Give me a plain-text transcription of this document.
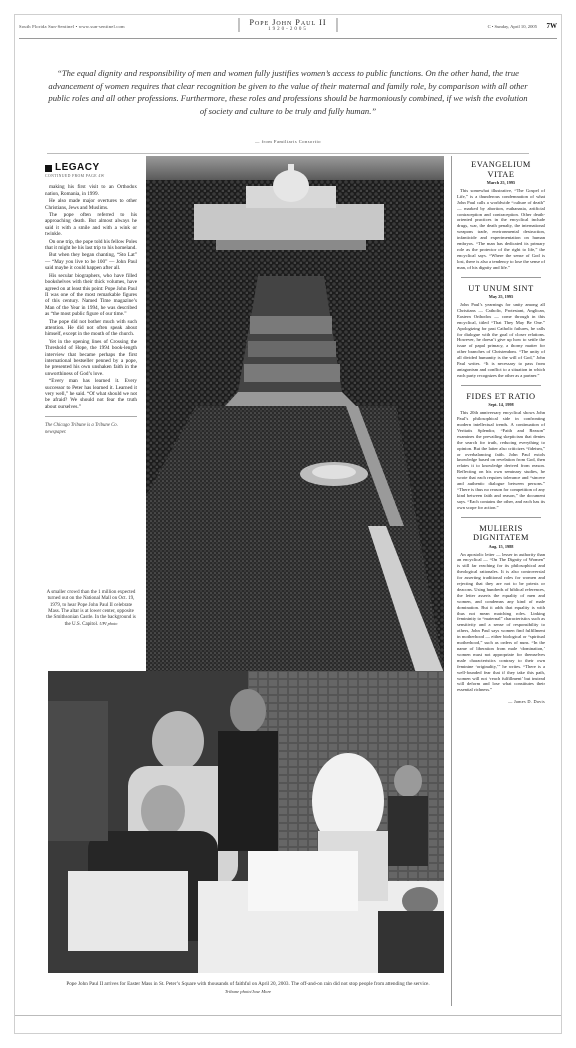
South Florida Sun-Sentinel • www.sun-sentinel.com	Pope John Paul II
1920-2005
C • Sunday, April 10, 2005 7W
“The equal dignity and responsibility of men and women fully justifies women’s access to public functions. On the other hand, the true advancement of women requires that clear recognition be given to the value of their maternal and family role, by comparison with all other public roles and all other professions. Furthermore, these roles and professions should be harmoniously combined, if we wish the evolution of society and culture to be truly and fully human.”
— from Familiaris Consortio
LEGACY
CONTINUED FROM PAGE 4W

making his first visit to an Orthodox nation, Romania, in 1999.

He also made major overtures to other Christians, Jews and Muslims.

The pope often referred to his approaching death. But almost always he said it with a smile and with a wink or twinkle.

On one trip, the pope told his fellow Poles that it might be his last trip to his homeland.

But when they began chanting, “Sto Lat” — “May you live to be 100” — John Paul said maybe it could happen after all.

His secular biographers, who have filled bookshelves with their thick volumes, have agreed on at least this point: Pope John Paul II was one of the most remarkable figures of this century. Named Time magazine’s Man of the Year in 1994, he was described as “the most public figure of our time.”

The pope did not bother much with such attention. He did not often speak about himself, except in the mouth of the church.

Yet in the opening lines of Crossing the Threshold of Hope, the 1994 book-length interview that became perhaps the first international bestseller penned by a pope, he presented his own unshaken faith in the unworthiness of God’s love.

“Every man has learned it. Every successor to Peter has learned it. Learned it very well,” he said. “Of what should we not be afraid? We should not fear the truth about ourselves.”

The Chicago Tribune is a Tribune Co. newspaper.
A smaller crowd than the 1 million expected turned out on the National Mall on Oct. 19, 1979, to hear Pope John Paul II celebrate Mass. The altar is at lower center, opposite the Smithsonian Castle. In the background is the U.S. Capitol. UPI photo
Pope John Paul II arrives for Easter Mass in St. Peter’s Square with thousands of faithful on April 20, 2003. The off-and-on rain did not stop people from attending the service. Tribune photo/Jose More
EVANGELIUM VITAE
March 25, 1995

This somewhat illustrative, “The Gospel of Life,” is a thunderous condemnation of what John Paul calls a worldwide “culture of death” — marked by abortion, euthanasia, artificial contraception and contraception. Other death-oriented practices in the encyclical include drugs, war, the death penalty, the international weapons trade, environmental destruction, infanticide and experimentation on human embryos. “The man has dedicated its primary role as the protector of the right to life,” the encyclical says. “Where the sense of God is lost, there is also a tendency to lose the sense of man, of his dignity and life.”

UT UNUM SINT
May 25, 1995

John Paul’s yearnings for unity among all Christians — Catholic, Protestant, Anglican, Eastern Orthodox — come through in this encyclical, titled “That They May Be One.” Apologizing for past Catholic failures, he calls for dialogue with the goal of closer relations. However, he doesn’t give up how to settle the issue of papal primacy, a thorny matter for other branches of Christendom. “The unity of all divided humanity is the will of God,” John Paul writes. “It is necessary to pass from antagonism and conflict to a situation in which each party recognizes the other as a partner.”

FIDES ET RATIO
Sept. 14, 1998

This 20th anniversary encyclical shows John Paul’s philosophical side in confronting modern intellectual trends. A continuation of Veritatis Splendor, “Faith and Reason” examines the prevailing skepticism that denies the search for truth, reducing everything to opinion. But the latter also criticizes “fideism,” or overbalancing faith. John Paul extols knowledge based on revelation from God, then relates it to knowledge derived from reason. Reflecting on his own seminary studies, he wrote that each requires tolerance and “sincere and authentic dialogue between persons.” “There is thus no reason for competition of any kind between faith and reason,” the document says. “Each contains the other, and each has its own scope for action.”

MULIERIS DIGNITATEM
Aug. 15, 1988

An apostolic letter — lesser in authority than an encyclical — “On The Dignity of Women” is still far reaching for its philosophical and theological rationales. It is also controversial for asserting traditional roles for women and rejecting that they are not to be priests or deacons. Using hundreds of biblical references, the letter asserts the equality of men and women, and condemns any kind of male domination. But it adds that equality is with thus not mean matching roles. Linking femininity to “maternal” characteristics such as sensitivity and a sense of responsibility to others, John Paul says women find fulfillment in motherhood — either biological or “spiritual motherhood,” such as orders of nuns. “In the name of liberation from male ‘domination,’ women must not appropriate for themselves male characteristics contrary to their own feminine ‘originality,’” he writes. “There is a well-founded fear that if they take this path, women will not ‘reach fulfillment’ but instead will deform and lose what constitutes their essential richness.”

— James D. Davis
